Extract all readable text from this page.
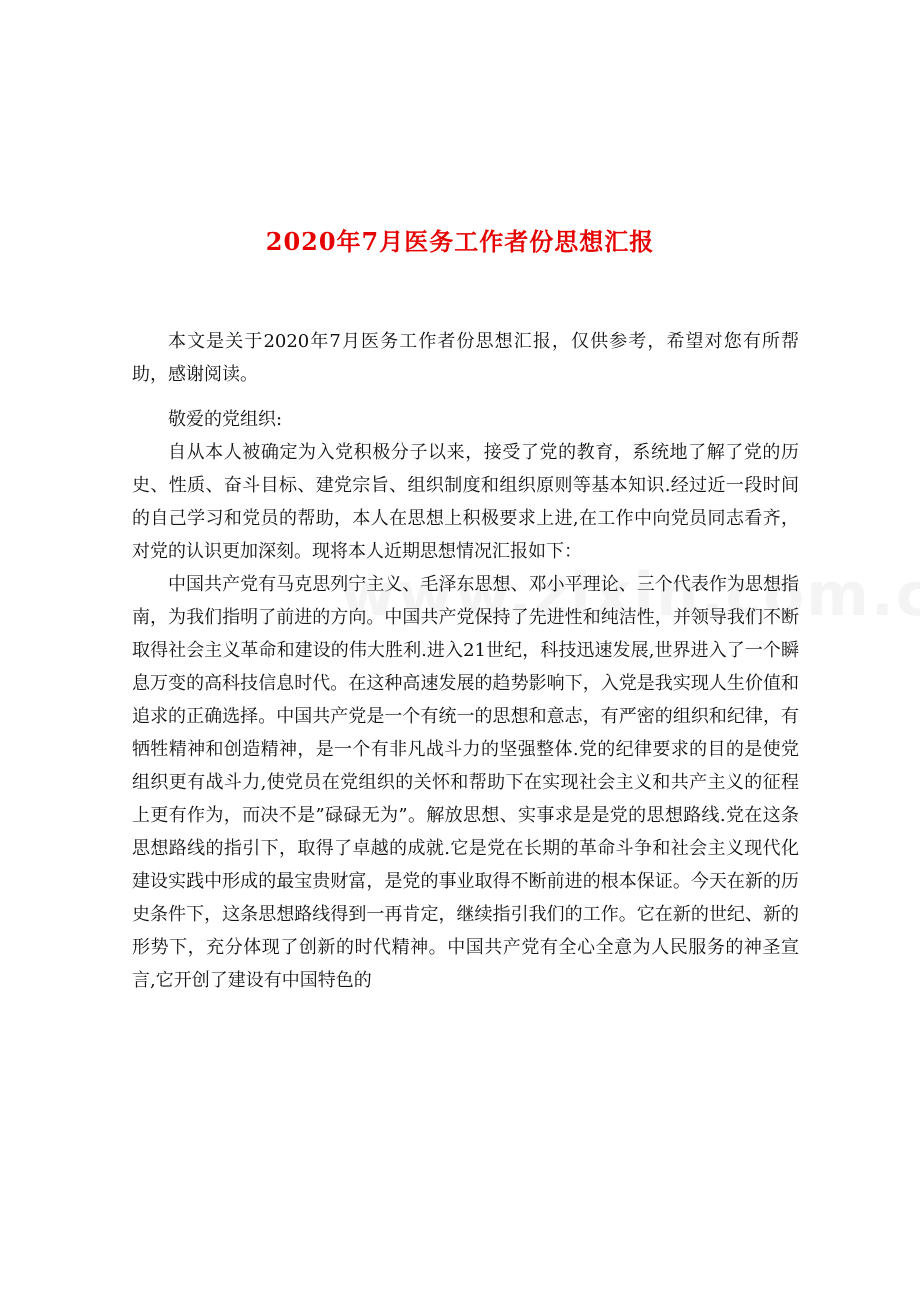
2020年7月医务工作者份思想汇报

本文是关于2020年7月医务工作者份思想汇报，仅供参考，希望对您有所帮助，感谢阅读。

敬爱的党组织:

自从本人被确定为入党积极分子以来，接受了党的教育，系统地了解了党的历史、性质、奋斗目标、建党宗旨、组织制度和组织原则等基本知识.经过近一段时间的自己学习和党员的帮助，本人在思想上积极要求上进,在工作中向党员同志看齐，对党的认识更加深刻。现将本人近期思想情况汇报如下：

中国共产党有马克思列宁主义、毛泽东思想、邓小平理论、三个代表作为思想指南，为我们指明了前进的方向。中国共产党保持了先进性和纯洁性，并领导我们不断取得社会主义革命和建设的伟大胜利.进入21世纪，科技迅速发展,世界进入了一个瞬息万变的高科技信息时代。在这种高速发展的趋势影响下，入党是我实现人生价值和追求的正确选择。中国共产党是一个有统一的思想和意志，有严密的组织和纪律，有牺牲精神和创造精神，是一个有非凡战斗力的坚强整体.党的纪律要求的目的是使党组织更有战斗力,使党员在党组织的关怀和帮助下在实现社会主义和共产主义的征程上更有作为，而决不是”碌碌无为”。解放思想、实事求是是党的思想路线.党在这条思想路线的指引下，取得了卓越的成就.它是党在长期的革命斗争和社会主义现代化建设实践中形成的最宝贵财富，是党的事业取得不断前进的根本保证。今天在新的历史条件下，这条思想路线得到一再肯定，继续指引我们的工作。它在新的世纪、新的形势下，充分体现了创新的时代精神。中国共产党有全心全意为人民服务的神圣宣言,它开创了建设有中国特色的
